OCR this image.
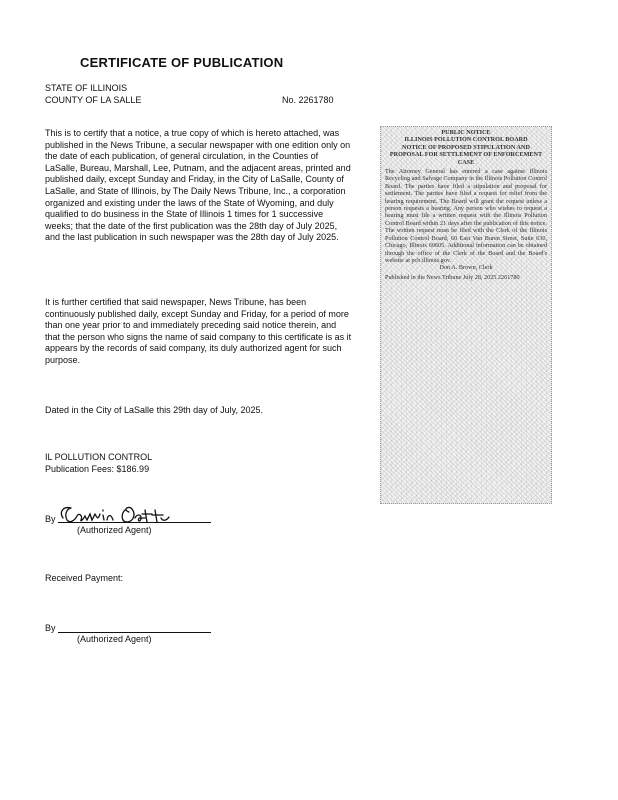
CERTIFICATE OF PUBLICATION
STATE OF ILLINOIS
COUNTY OF LA SALLE	No. 2261780
This is to certify that a notice, a true copy of which is hereto attached, was published in the News Tribune, a secular newspaper with one edition only on the date of each publication, of general circulation, in the Counties of LaSalle, Bureau, Marshall, Lee, Putnam, and the adjacent areas, printed and published daily, except Sunday and Friday, in the City of LaSalle, County of LaSalle, and State of Illinois, by The Daily News Tribune, Inc., a corporation organized and existing under the laws of the State of Wyoming, and duly qualified to do business in the State of Illinois 1 times for 1 successive weeks; that the date of the first publication was the 28th day of July 2025, and the last publication in such newspaper was the 28th day of July 2025.
It is further certified that said newspaper, News Tribune, has been continuously published daily, except Sunday and Friday, for a period of more than one year prior to and immediately preceding said notice therein, and that the person who signs the name of said company to this certificate is as it appears by the records of said company, its duly authorized agent for such purpose.
Dated in the City of LaSalle this 29th day of July, 2025.
IL POLLUTION CONTROL
Publication Fees: $186.99
By
(Authorized Agent)
Received Payment:
By
(Authorized Agent)
PUBLIC NOTICE
ILLINOIS POLLUTION CONTROL BOARD
NOTICE OF PROPOSED STIPULATION AND PROPOSAL FOR SETTLEMENT OF ENFORCEMENT CASE
The Attorney General has entered a case against Illinois Recycling and Salvage Company in the Illinois Pollution Control Board. The parties have filed a stipulation and proposal for settlement. The parties have filed a request for relief from the hearing requirement. The Board will grant the request unless a person requests a hearing. Any person who wishes to request a hearing must file a written request with the Illinois Pollution Control Board within 21 days after the publication of this notice. The written request must be filed with the Clerk of the Illinois Pollution Control Board, 60 East Van Buren Street, Suite 630, Chicago, Illinois 60605. Additional information can be obtained through the office of the Clerk of the Board and the Board's website at pcb.illinois.gov.
Don A. Brown, Clerk
Published in the News Tribune July 28, 2025 2261780
